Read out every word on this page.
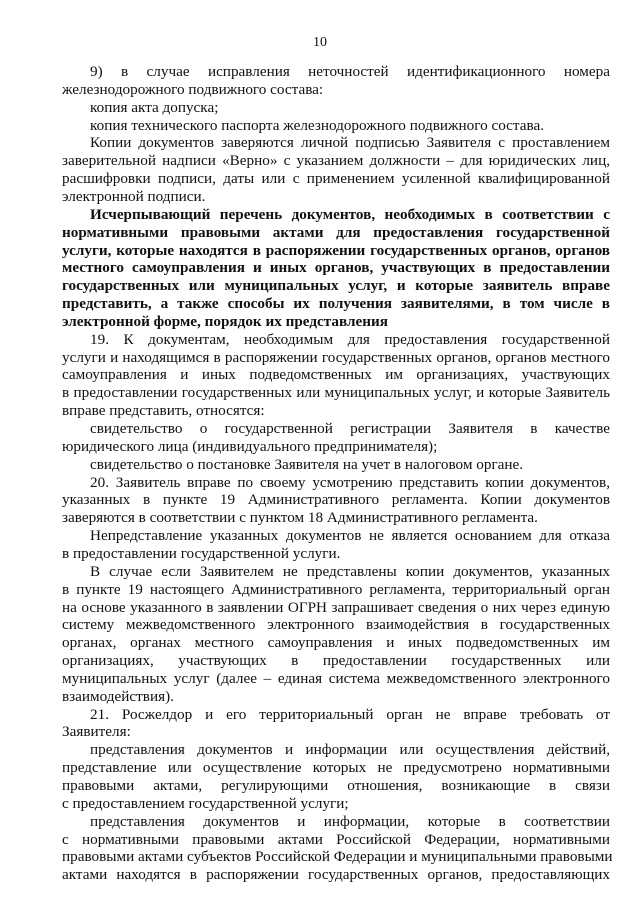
10
9) в случае исправления неточностей идентификационного номера
железнодорожного подвижного состава:
копия акта допуска;
копия технического паспорта железнодорожного подвижного состава.
Копии документов заверяются личной подписью Заявителя с проставлением
заверительной надписи «Верно» с указанием должности – для юридических лиц,
расшифровки подписи, даты или с применением усиленной квалифицированной
электронной подписи.
Исчерпывающий перечень документов, необходимых в соответствии с
нормативными правовыми актами для предоставления государственной
услуги, которые находятся в распоряжении государственных органов, органов
местного самоуправления и иных органов, участвующих в предоставлении
государственных или муниципальных услуг, и которые заявитель вправе
представить, а также способы их получения заявителями, в том числе в
электронной форме, порядок их представления
19. К документам, необходимым для предоставления государственной
услуги и находящимся в распоряжении государственных органов, органов местного
самоуправления и иных подведомственных им организациях, участвующих
в предоставлении государственных или муниципальных услуг, и которые Заявитель
вправе представить, относятся:
свидетельство о государственной регистрации Заявителя в качестве
юридического лица (индивидуального предпринимателя);
свидетельство о постановке Заявителя на учет в налоговом органе.
20. Заявитель вправе по своему усмотрению представить копии документов,
указанных в пункте 19 Административного регламента. Копии документов
заверяются в соответствии с пунктом 18 Административного регламента.
Непредставление указанных документов не является основанием для отказа
в предоставлении государственной услуги.
В случае если Заявителем не представлены копии документов, указанных
в пункте 19 настоящего Административного регламента, территориальный орган
на основе указанного в заявлении ОГРН запрашивает сведения о них через единую
систему межведомственного электронного взаимодействия в государственных
органах, органах местного самоуправления и иных подведомственных им
организациях, участвующих в предоставлении государственных или
муниципальных услуг (далее – единая система межведомственного электронного
взаимодействия).
21. Росжелдор и его территориальный орган не вправе требовать от
Заявителя:
представления документов и информации или осуществления действий,
представление или осуществление которых не предусмотрено нормативными
правовыми актами, регулирующими отношения, возникающие в связи
с предоставлением государственной услуги;
представления документов и информации, которые в соответствии
с нормативными правовыми актами Российской Федерации, нормативными
правовыми актами субъектов Российской Федерации и муниципальными правовыми
актами находятся в распоряжении государственных органов, предоставляющих
